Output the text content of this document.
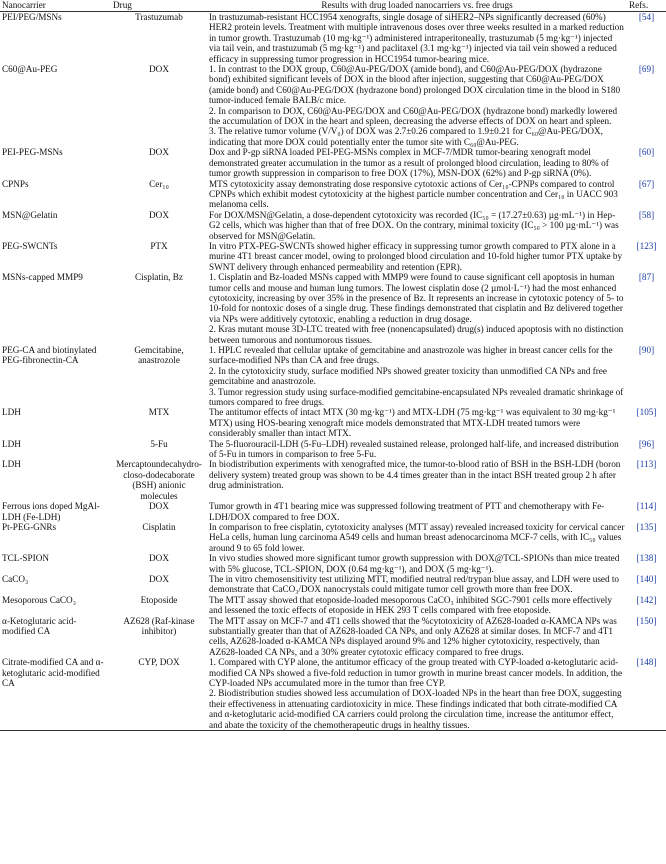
Nanocarrier	Drug	Results with drug loaded nanocarriers vs. free drugs	Refs.
PEI/PEG/MSNs	Trastuzumab	In trastuzumab-resistant HCC1954 xenografts, single dosage of siHER2–NPs significantly decreased (60%) HER2 protein levels. Treatment with multiple intravenous doses over three weeks resulted in a marked reduction in tumor growth. Trastuzumab (10 mg·kg⁻¹) administered intraperitoneally, trastuzumab (5 mg·kg⁻¹) injected via tail vein, and trastuzumab (5 mg·kg⁻¹) and paclitaxel (3.1 mg·kg⁻¹) injected via tail vein showed a reduced efficacy in suppressing tumor progression in HCC1954 tumor-bearing mice.	[54]
C60@Au-PEG	DOX	1. In contrast to the DOX group, C60@Au-PEG/DOX (amide bond), and C60@Au-PEG/DOX (hydrazone bond) exhibited significant levels of DOX in the blood after injection, suggesting that C60@Au-PEG/DOX (amide bond) and C60@Au-PEG/DOX (hydrazone bond) prolonged DOX circulation time in the blood in S180 tumor-induced female BALB/c mice.
2. In comparison to DOX, C60@Au-PEG/DOX and C60@Au-PEG/DOX (hydrazone bond) markedly lowered the accumulation of DOX in the heart and spleen, decreasing the adverse effects of DOX on heart and spleen.
3. The relative tumor volume (V/V₀) of DOX was 2.7±0.26 compared to 1.9±0.21 for C₆₀@Au-PEG/DOX, indicating that more DOX could potentially enter the tumor site with C₆₀@Au-PEG.	[69]
PEI-PEG-MSNs	DOX	Dox and P-gp siRNA loaded PEI-PEG-MSNs complex in MCF-7/MDR tumor-bearing xenograft model demonstrated greater accumulation in the tumor as a result of prolonged blood circulation, leading to 80% of tumor growth suppression in comparison to free DOX (17%), MSN-DOX (62%) and P-gp siRNA (0%).	[60]
CPNPs	Cer₁₀	MTS cytotoxicity assay demonstrating dose responsive cytotoxic actions of Cer₁₀-CPNPs compared to control CPNPs which exhibit modest cytotoxicity at the highest particle number concentration and Cer₁₀ in UACC 903 melanoma cells.	[67]
MSN@Gelatin	DOX	For DOX/MSN@Gelatin, a dose-dependent cytotoxicity was recorded (IC₅₀ = (17.27±0.63) µg·mL⁻¹) in Hep-G2 cells, which was higher than that of free DOX. On the contrary, minimal toxicity (IC₅₀ > 100 µg·mL⁻¹) was observed for MSN@Gelatin.	[58]
PEG-SWCNTs	PTX	In vitro PTX-PEG-SWCNTs showed higher efficacy in suppressing tumor growth compared to PTX alone in a murine 4T1 breast cancer model, owing to prolonged blood circulation and 10-fold higher tumor PTX uptake by SWNT delivery through enhanced permeability and retention (EPR).	[123]
MSNs-capped MMP9	Cisplatin, Bz	1. Cisplatin and Bz-loaded MSNs capped with MMP9 were found to cause significant cell apoptosis in human tumor cells and mouse and human lung tumors. The lowest cisplatin dose (2 µmol·L⁻¹) had the most enhanced cytotoxicity, increasing by over 35% in the presence of Bz. It represents an increase in cytotoxic potency of 5- to 10-fold for nontoxic doses of a single drug. These findings demonstrated that cisplatin and Bz delivered together via NPs were additively cytotoxic, enabling a reduction in drug dosage.
2. Kras mutant mouse 3D-LTC treated with free (nonencapsulated) drug(s) induced apoptosis with no distinction between tumorous and nontumorous tissues.	[87]
PEG-CA and biotinylated PEG-fibronectin-CA	Gemcitabine, anastrozole	1. HPLC revealed that cellular uptake of gemcitabine and anastrozole was higher in breast cancer cells for the surface-modified NPs than CA and free drugs.
2. In the cytotoxicity study, surface modified NPs showed greater toxicity than unmodified CA NPs and free gemcitabine and anastrozole.
3. Tumor regression study using surface-modified gemcitabine-encapsulated NPs revealed dramatic shrinkage of tumors compared to free drugs.	[90]
LDH	MTX	The antitumor effects of intact MTX (30 mg·kg⁻¹) and MTX-LDH (75 mg·kg⁻¹ was equivalent to 30 mg·kg⁻¹ MTX) using HOS-bearing xenograft mice models demonstrated that MTX-LDH treated tumors were considerably smaller than intact MTX.	[105]
LDH	5-Fu	The 5-fluorouracil-LDH (5-Fu–LDH) revealed sustained release, prolonged half-life, and increased distribution of 5-Fu in tumors in comparison to free 5-Fu.	[96]
LDH	Mercaptoundecahydro-closo-dodecaborate (BSH) anionic molecules	In biodistribution experiments with xenografted mice, the tumor-to-blood ratio of BSH in the BSH-LDH (boron delivery system) treated group was shown to be 4.4 times greater than in the intact BSH treated group 2 h after drug administration.	[113]
Ferrous ions doped MgAl-LDH (Fe-LDH)	DOX	Tumor growth in 4T1 bearing mice was suppressed following treatment of PTT and chemotherapy with Fe-LDH/DOX compared to free DOX.	[114]
Pt-PEG-GNRs	Cisplatin	In comparison to free cisplatin, cytotoxicity analyses (MTT assay) revealed increased toxicity for cervical cancer HeLa cells, human lung carcinoma A549 cells and human breast adenocarcinoma MCF-7 cells, with IC₅₀ values around 9 to 65 fold lower.	[135]
TCL-SPION	DOX	In vivo studies showed more significant tumor growth suppression with DOX@TCL-SPIONs than mice treated with 5% glucose, TCL-SPION, DOX (0.64 mg·kg⁻¹), and DOX (5 mg·kg⁻¹).	[138]
CaCO₃	DOX	The in vitro chemosensitivity test utilizing MTT, modified neutral red/trypan blue assay, and LDH were used to demonstrate that CaCO₃/DOX nanocrystals could mitigate tumor cell growth more than free DOX.	[140]
Mesoporous CaCO₃	Etoposide	The MTT assay showed that etoposide-loaded mesoporous CaCO₃ inhibited SGC-7901 cells more effectively and lessened the toxic effects of etoposide in HEK 293 T cells compared with free etoposide.	[142]
α-Ketoglutaric acid-modified CA	AZ628 (Raf-kinase inhibitor)	The MTT assay on MCF-7 and 4T1 cells showed that the %cytotoxicity of AZ628-loaded α-KAMCA NPs was substantially greater than that of AZ628-loaded CA NPs, and only AZ628 at similar doses. In MCF-7 and 4T1 cells, AZ628-loaded α-KAMCA NPs displayed around 9% and 12% higher cytotoxicity, respectively, than AZ628-loaded CA NPs, and a 30% greater cytotoxic efficacy compared to free drugs.	[150]
Citrate-modified CA and α-ketoglutaric acid-modified CA	CYP, DOX	1. Compared with CYP alone, the antitumor efficacy of the group treated with CYP-loaded α-ketoglutaric acid-modified CA NPs showed a five-fold reduction in tumor growth in murine breast cancer models. In addition, the CYP-loaded NPs accumulated more in the tumor than free CYP.
2. Biodistribution studies showed less accumulation of DOX-loaded NPs in the heart than free DOX, suggesting their effectiveness in attenuating cardiotoxicity in mice. These findings indicated that both citrate-modified CA and α-ketoglutaric acid-modified CA carriers could prolong the circulation time, increase the antitumor effect, and abate the toxicity of the chemotherapeutic drugs in healthy tissues.	[148]
